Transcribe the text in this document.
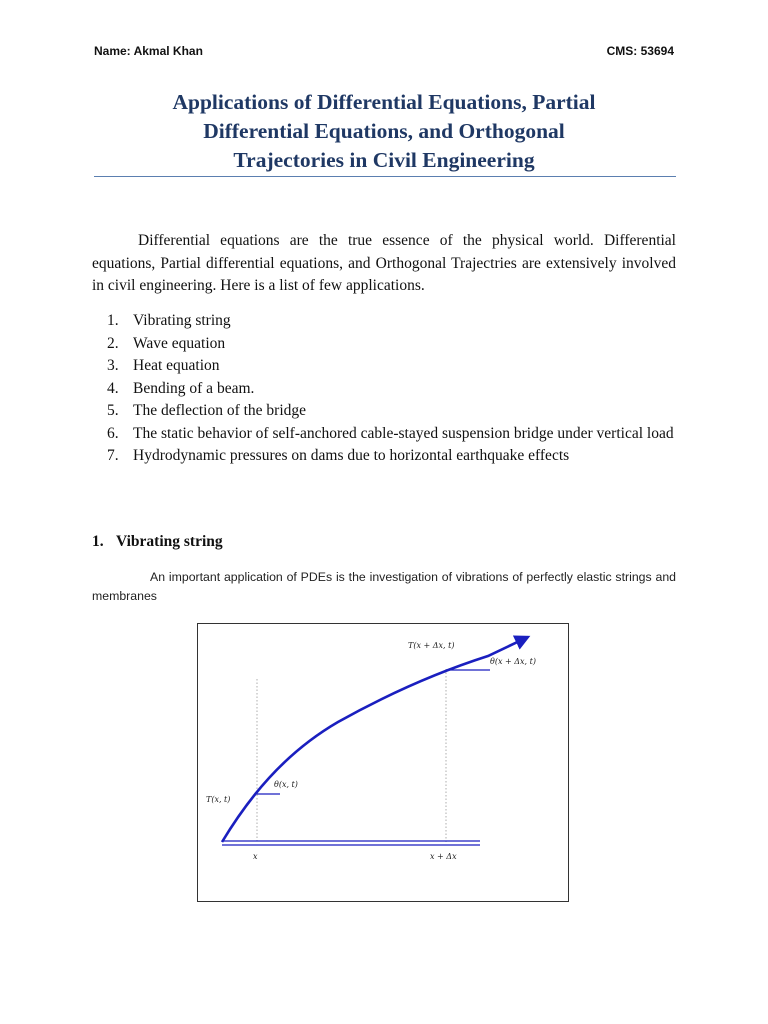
Name: Akmal Khan	CMS: 53694
Applications of Differential Equations, Partial
Differential Equations, and Orthogonal
Trajectories in Civil Engineering

Differential equations are the true essence of the physical world. Differential equations, Partial differential equations, and Orthogonal Trajectries are extensively involved in civil engineering. Here is a list of few applications.

1. Vibrating string
2. Wave equation
3. Heat equation
4. Bending of a beam.
5. The deflection of the bridge
6. The static behavior of self-anchored cable-stayed suspension bridge under vertical load
7. Hydrodynamic pressures on dams due to horizontal earthquake effects
1. Vibrating string

An important application of PDEs is the investigation of vibrations of perfectly elastic strings and membranes

T(x + Δx, t)
θ(x + Δx, t)
θ(x, t)
T(x, t)
x	x + Δx
